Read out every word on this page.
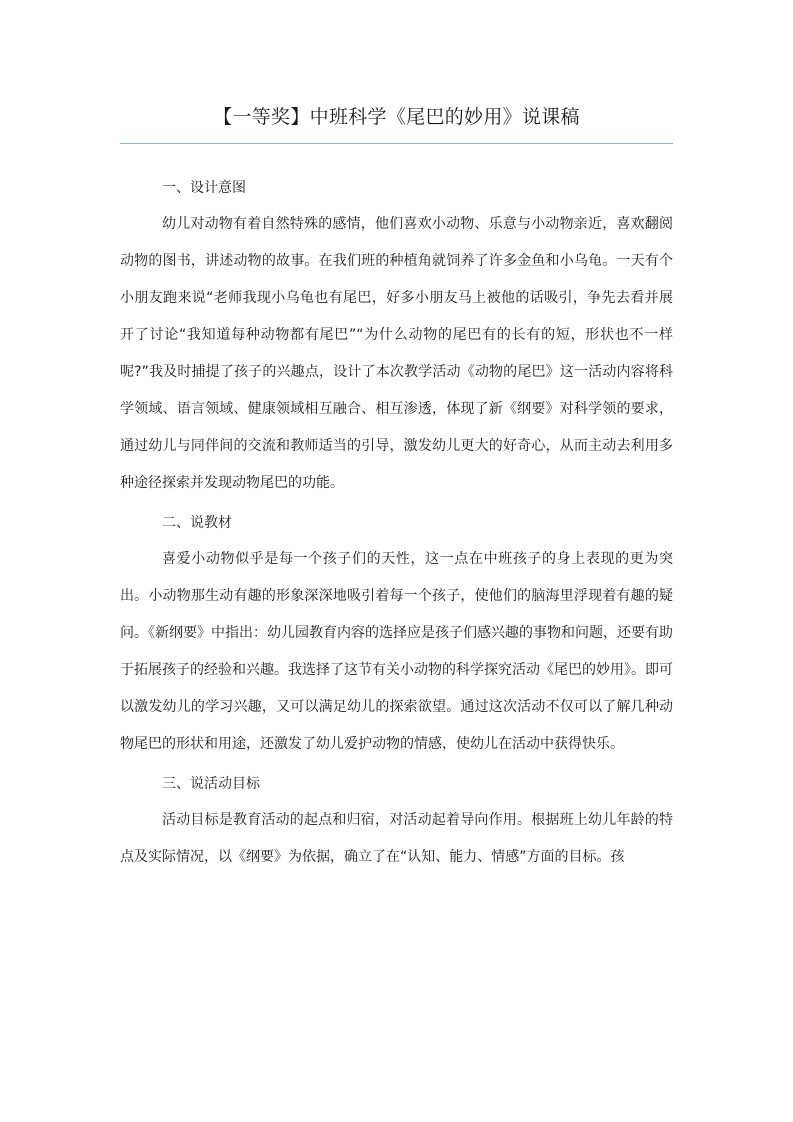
【一等奖】中班科学《尾巴的妙用》说课稿

一、设计意图

幼儿对动物有着自然特殊的感情，他们喜欢小动物、乐意与小动物亲近，喜欢翻阅动物的图书，讲述动物的故事。在我们班的种植角就饲养了许多金鱼和小乌龟。一天有个小朋友跑来说“老师我现小乌龟也有尾巴，好多小朋友马上被他的话吸引，争先去看并展开了讨论“我知道每种动物都有尾巴”“为什么动物的尾巴有的长有的短，形状也不一样呢?”我及时捕提了孩子的兴趣点，设计了本次教学活动《动物的尾巴》这一活动内容将科学领域、语言领域、健康领域相互融合、相互渗透，体现了新《纲要》对科学领的要求，通过幼儿与同伴间的交流和教师适当的引导，激发幼儿更大的好奇心，从而主动去利用多种途径探索并发现动物尾巴的功能。

二、说教材

喜爱小动物似乎是每一个孩子们的天性，这一点在中班孩子的身上表现的更为突出。小动物那生动有趣的形象深深地吸引着每一个孩子，使他们的脑海里浮现着有趣的疑问。《新纲要》中指出：幼儿园教育内容的选择应是孩子们感兴趣的事物和问题，还要有助于拓展孩子的经验和兴趣。我选择了这节有关小动物的科学探究活动《尾巴的妙用》。即可以激发幼儿的学习兴趣，又可以满足幼儿的探索欲望。通过这次活动不仅可以了解几种动物尾巴的形状和用途，还激发了幼儿爱护动物的情感，使幼儿在活动中获得快乐。

三、说活动目标

活动目标是教育活动的起点和归宿，对活动起着导向作用。根据班上幼儿年龄的特点及实际情况，以《纲要》为依据，确立了在“认知、能力、情感”方面的目标。孩
